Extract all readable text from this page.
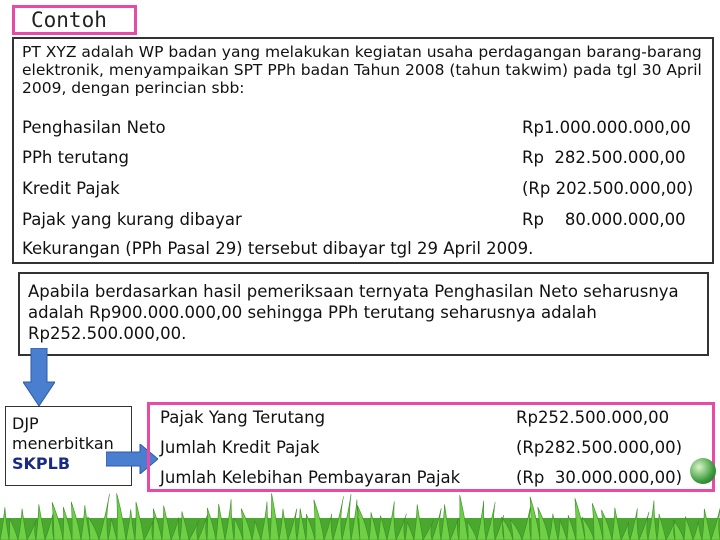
Contoh
PT XYZ adalah WP badan yang melakukan kegiatan usaha perdagangan barang-barang elektronik, menyampaikan SPT PPh badan Tahun 2008 (tahun takwim) pada tgl 30 April 2009, dengan perincian sbb:
Penghasilan Neto	Rp1.000.000.000,00
PPh terutang	Rp  282.500.000,00
Kredit Pajak	(Rp 202.500.000,00)
Pajak yang kurang dibayar	Rp    80.000.000,00
Kekurangan (PPh Pasal 29) tersebut dibayar tgl 29 April 2009.
Apabila berdasarkan hasil pemeriksaan ternyata Penghasilan Neto seharusnya adalah Rp900.000.000,00 sehingga PPh terutang seharusnya adalah Rp252.500.000,00.
DJP
menerbitkan
SKPLB
Pajak Yang Terutang	Rp252.500.000,00
Jumlah Kredit Pajak	(Rp282.500.000,00)
Jumlah Kelebihan Pembayaran Pajak	(Rp  30.000.000,00)
